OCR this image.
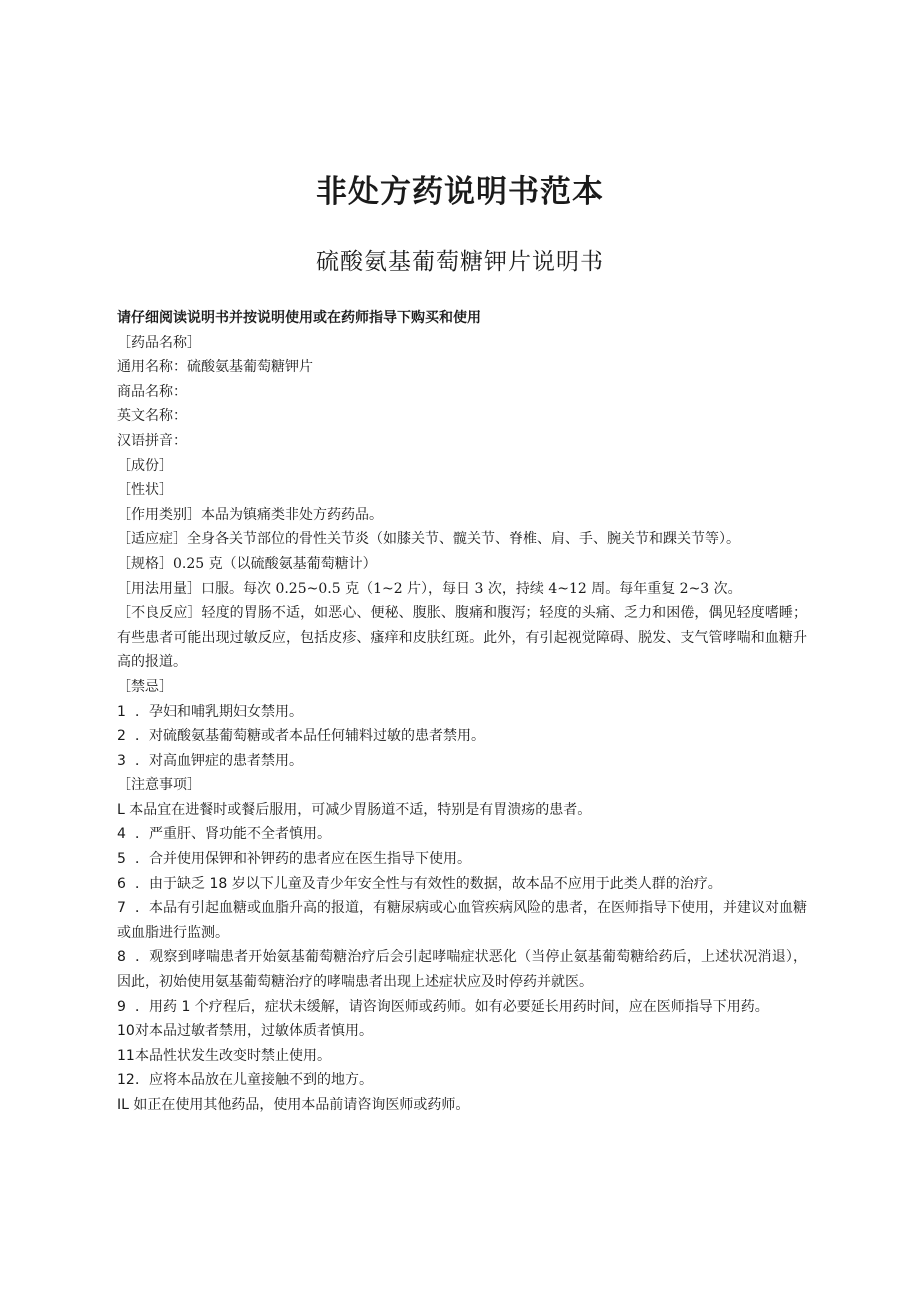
非处方药说明书范本
硫酸氨基葡萄糖钾片说明书

请仔细阅读说明书并按说明使用或在药师指导下购买和使用

［药品名称］

通用名称：硫酸氨基葡萄糖钾片

商品名称：

英文名称：

汉语拼音：

［成份］

［性状］

［作用类别］本品为镇痛类非处方药药品。

［适应症］全身各关节部位的骨性关节炎（如膝关节、髋关节、脊椎、肩、手、腕关节和踝关节等）。

［规格］0.25 克（以硫酸氨基葡萄糖计）

［用法用量］口服。每次 0.25~0.5 克（1~2 片），每日 3 次，持续 4~12 周。每年重复 2~3 次。

［不良反应］轻度的胃肠不适，如恶心、便秘、腹胀、腹痛和腹泻；轻度的头痛、乏力和困倦，偶见轻度嗜睡；有些患者可能出现过敏反应，包括皮疹、瘙痒和皮肤红斑。此外，有引起视觉障碍、脱发、支气管哮喘和血糖升高的报道。

［禁忌］

1 ．孕妇和哺乳期妇女禁用。

2 ．对硫酸氨基葡萄糖或者本品任何辅料过敏的患者禁用。

3 ．对高血钾症的患者禁用。

［注意事项］

L 本品宜在进餐时或餐后服用，可减少胃肠道不适，特别是有胃溃疡的患者。

4 ．严重肝、肾功能不全者慎用。

5 ．合并使用保钾和补钾药的患者应在医生指导下使用。

6 ．由于缺乏 18 岁以下儿童及青少年安全性与有效性的数据，故本品不应用于此类人群的治疗。

7 ．本品有引起血糖或血脂升高的报道，有糖尿病或心血管疾病风险的患者，在医师指导下使用，并建议对血糖或血脂进行监测。

8 ．观察到哮喘患者开始氨基葡萄糖治疗后会引起哮喘症状恶化（当停止氨基葡萄糖给药后，上述状况消退），因此，初始使用氨基葡萄糖治疗的哮喘患者出现上述症状应及时停药并就医。

9 ．用药 1 个疗程后，症状未缓解，请咨询医师或药师。如有必要延长用药时间，应在医师指导下用药。

10对本品过敏者禁用，过敏体质者慎用。

11本品性状发生改变时禁止使用。

12．应将本品放在儿童接触不到的地方。

IL 如正在使用其他药品，使用本品前请咨询医师或药师。
